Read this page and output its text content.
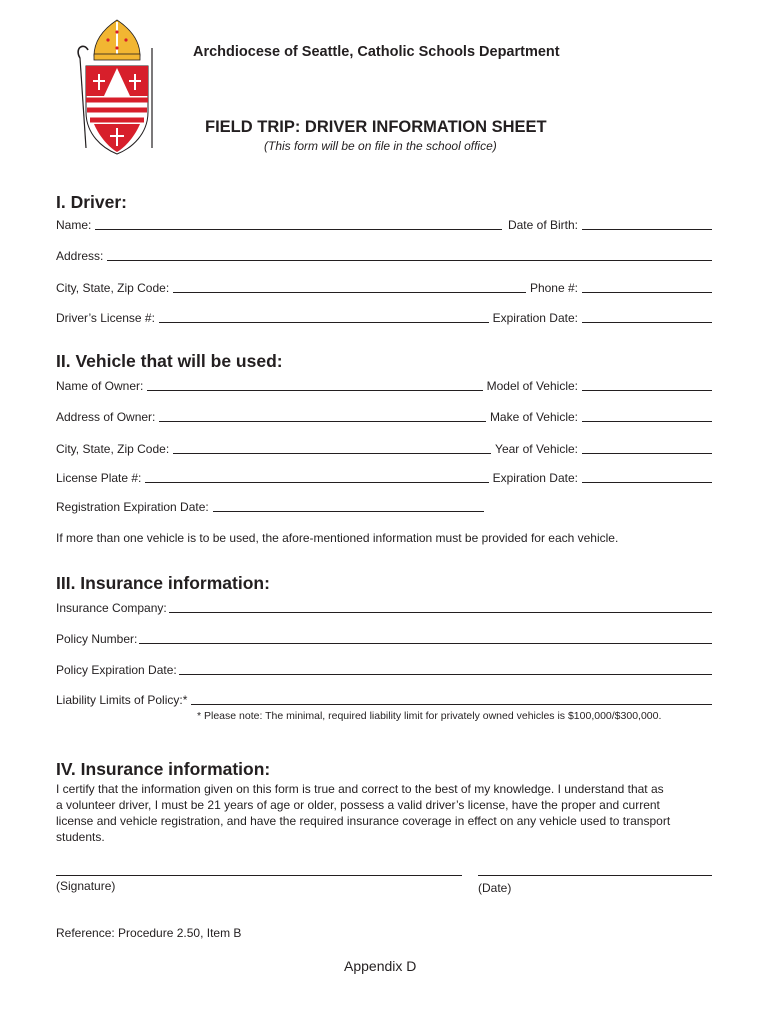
Archdiocese of Seattle, Catholic Schools Department
FIELD TRIP: DRIVER INFORMATION SHEET
(This form will be on file in the school office)
I. Driver:
Name:	Date of Birth:
Address:
City, State, Zip Code:	Phone #:
Driver’s License #:	Expiration Date:
II. Vehicle that will be used:
Name of Owner:	Model of Vehicle:
Address of Owner:	Make of Vehicle:
City, State, Zip Code:	Year of Vehicle:
License Plate #:	Expiration Date:
Registration Expiration Date:
If more than one vehicle is to be used, the afore-mentioned information must be provided for each vehicle.
III. Insurance information:
Insurance Company:
Policy Number:
Policy Expiration Date:
Liability Limits of Policy:*
* Please note: The minimal, required liability limit for privately owned vehicles is $100,000/$300,000.
IV. Insurance information:
I certify that the information given on this form is true and correct to the best of my knowledge. I understand that as
a volunteer driver, I must be 21 years of age or older, possess a valid driver’s license, have the proper and current
license and vehicle registration, and have the required insurance coverage in effect on any vehicle used to transport
students.
(Signature)	(Date)
Reference: Procedure 2.50, Item B
Appendix D
